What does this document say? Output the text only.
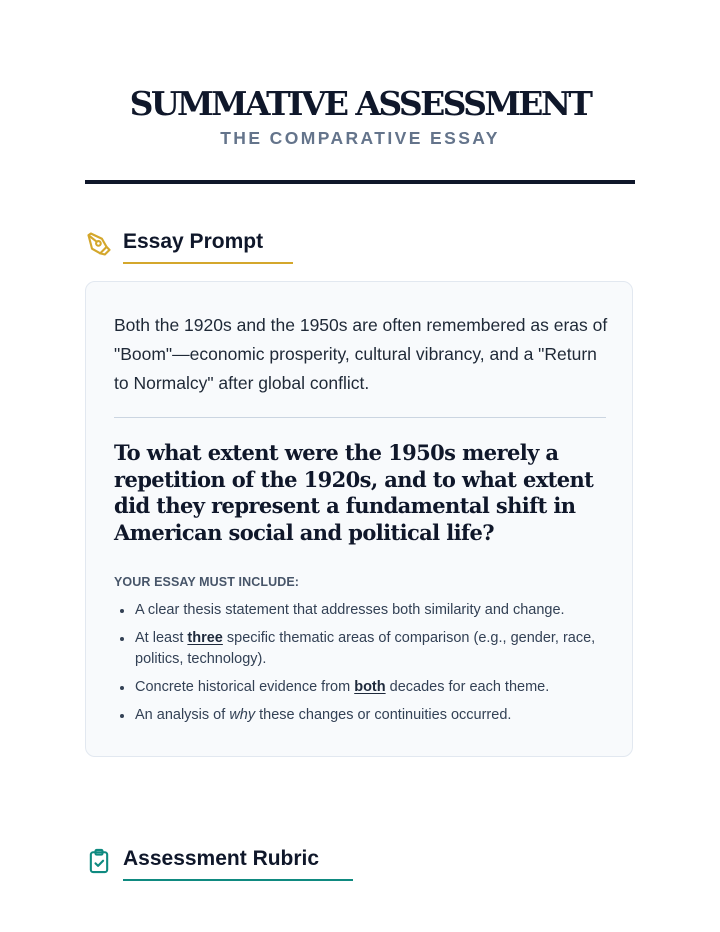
SUMMATIVE ASSESSMENT
THE COMPARATIVE ESSAY
Essay Prompt
Both the 1920s and the 1950s are often remembered as eras of "Boom"—economic prosperity, cultural vibrancy, and a "Return to Normalcy" after global conflict.
To what extent were the 1950s merely a repetition of the 1920s, and to what extent did they represent a fundamental shift in American social and political life?
YOUR ESSAY MUST INCLUDE:
A clear thesis statement that addresses both similarity and change.
At least three specific thematic areas of comparison (e.g., gender, race, politics, technology).
Concrete historical evidence from both decades for each theme.
An analysis of why these changes or continuities occurred.
Assessment Rubric
